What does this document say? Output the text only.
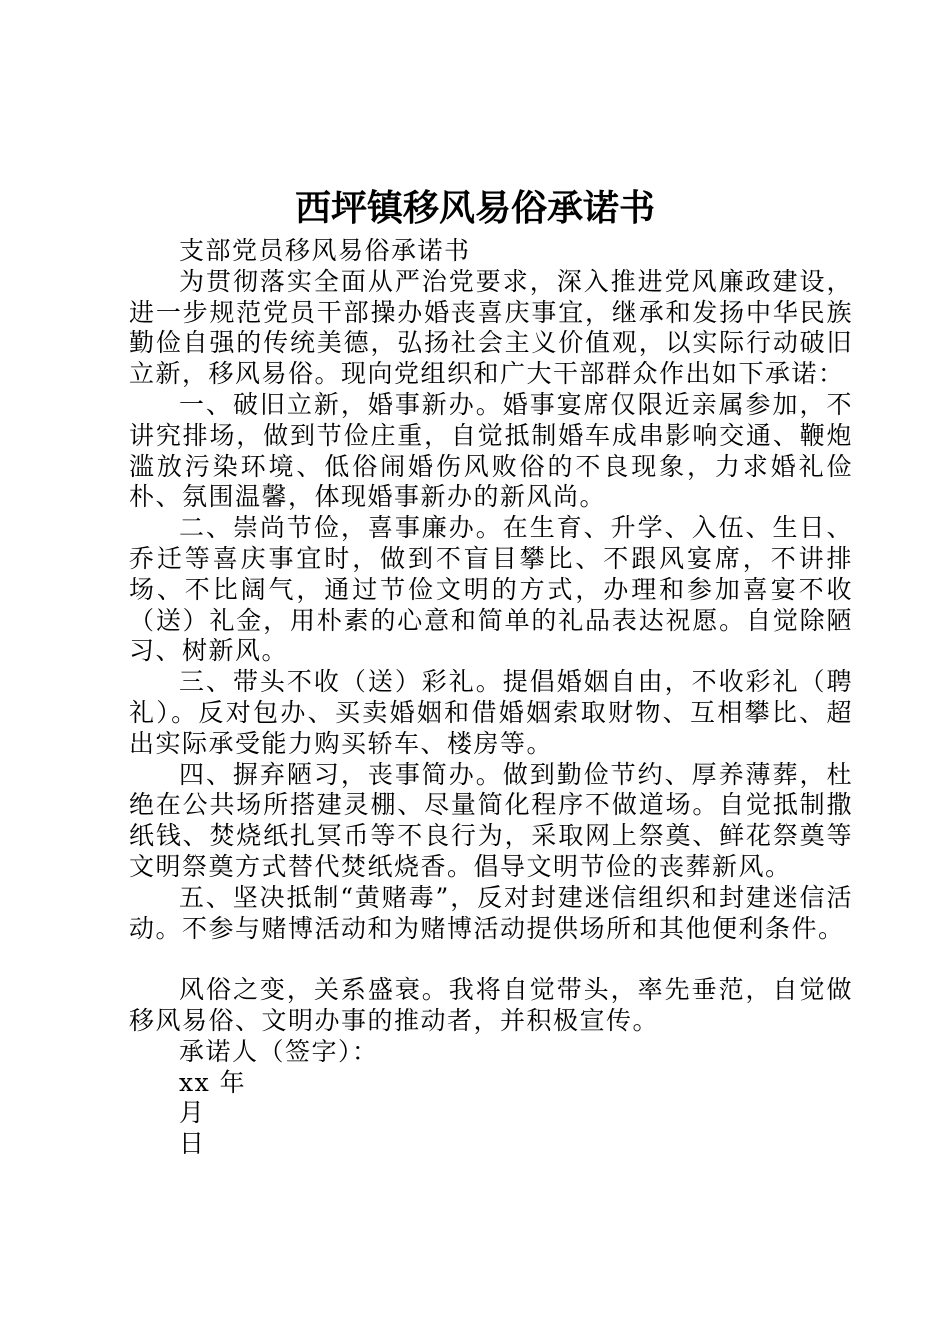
西坪镇移风易俗承诺书

支部党员移风易俗承诺书

为贯彻落实全面从严治党要求，深入推进党风廉政建设，进一步规范党员干部操办婚丧喜庆事宜，继承和发扬中华民族勤俭自强的传统美德，弘扬社会主义价值观，以实际行动破旧立新，移风易俗。现向党组织和广大干部群众作出如下承诺：

一、破旧立新，婚事新办。婚事宴席仅限近亲属参加，不讲究排场，做到节俭庄重，自觉抵制婚车成串影响交通、鞭炮滥放污染环境、低俗闹婚伤风败俗的不良现象，力求婚礼俭朴、氛围温馨，体现婚事新办的新风尚。

二、崇尚节俭，喜事廉办。在生育、升学、入伍、生日、乔迁等喜庆事宜时，做到不盲目攀比、不跟风宴席，不讲排场、不比阔气，通过节俭文明的方式，办理和参加喜宴不收（送）礼金，用朴素的心意和简单的礼品表达祝愿。自觉除陋习、树新风。

三、带头不收（送）彩礼。提倡婚姻自由，不收彩礼（聘礼）。反对包办、买卖婚姻和借婚姻索取财物、互相攀比、超出实际承受能力购买轿车、楼房等。

四、摒弃陋习，丧事简办。做到勤俭节约、厚养薄葬，杜绝在公共场所搭建灵棚、尽量简化程序不做道场。自觉抵制撒纸钱、焚烧纸扎冥币等不良行为，采取网上祭奠、鲜花祭奠等文明祭奠方式替代焚纸烧香。倡导文明节俭的丧葬新风。

五、坚决抵制“黄赌毒”，反对封建迷信组织和封建迷信活动。不参与赌博活动和为赌博活动提供场所和其他便利条件。

风俗之变，关系盛衰。我将自觉带头，率先垂范，自觉做移风易俗、文明办事的推动者，并积极宣传。

承诺人（签字）：

xx 年

月

日
